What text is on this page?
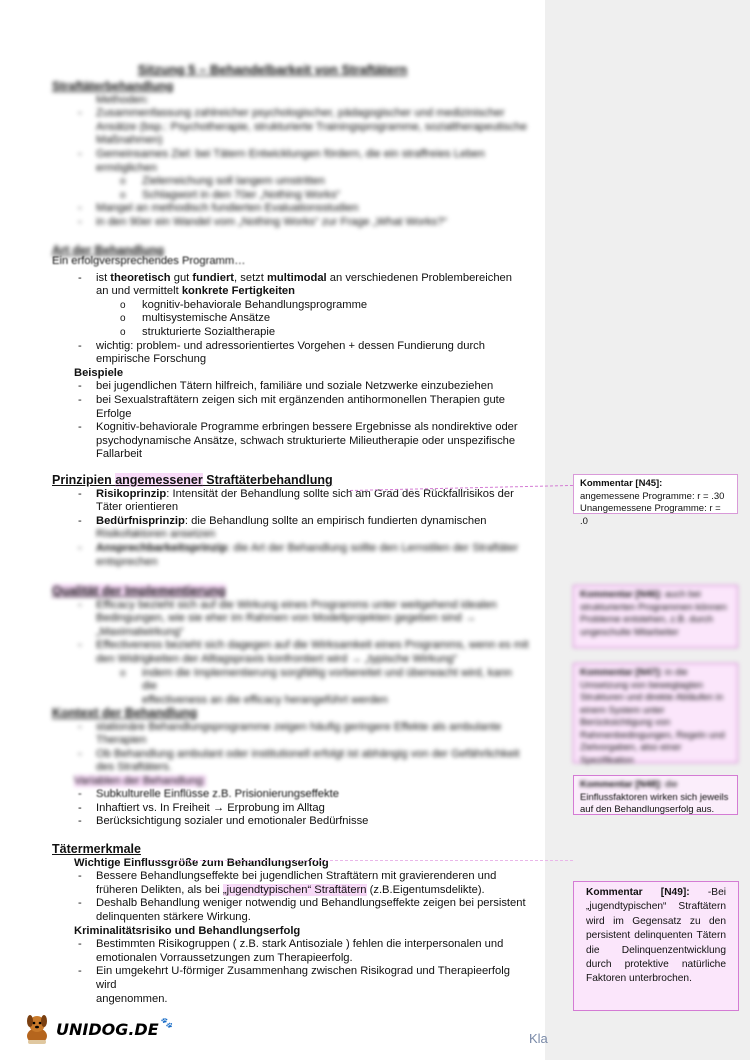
Sitzung 5 – Behandelbarkeit von Straftätern
Straftäterbehandlung
Methoden:
- Zusammenfassung zahlreicher psychologischer, pädagogischer und medizinischer
Ansätze (bsp.: Psychotherapie, strukturierte Trainingsprogramme, sozialtherapeutische
Maßnahmen)
- Gemeinsames Ziel: bei Tätern Entwicklungen fördern, die ein straffreies Leben
ermöglichen
o Zielerreichung soll langem umstritten
o Schlagwort in den 70er „Nothing Works“
- Mangel an methodisch fundierten Evaluationsstudien
- in den 90er ein Wandel vom „Nothing Works“ zur Frage „What Works?“
Art der Behandlung
Ein erfolgversprechendes Programm…
- ist theoretisch gut fundiert, setzt multimodal an verschiedenen Problembereichen
an und vermittelt konkrete Fertigkeiten
o kognitiv-behaviorale Behandlungsprogramme
o multisystemische Ansätze
o strukturierte Sozialtherapie
- wichtig: problem- und adressorientiertes Vorgehen + dessen Fundierung durch
empirische Forschung
Beispiele
- bei jugendlichen Tätern hilfreich, familiäre und soziale Netzwerke einzubeziehen
- bei Sexualstraftätern zeigen sich mit ergänzenden antihormonellen Therapien gute
Erfolge
- Kognitiv-behaviorale Programme erbringen bessere Ergebnisse als nondirektive oder
psychodynamische Ansätze, schwach strukturierte Milieutherapie oder unspezifische
Fallarbeit
Prinzipien angemessener Straftäterbehandlung
- Risikoprinzip: Intensität der Behandlung sollte sich am Grad des Rückfallrisikos der
Täter orientieren
- Bedürfnisprinzip: die Behandlung sollte an empirisch fundierten dynamischen
Risikofaktoren ansetzen
- Ansprechbarkeitsprinzip: die Art der Behandlung sollte den Lernstilen der Straftäter
entsprechen
Qualität der Implementierung
- Efficacy bezieht sich auf die Wirkung eines Programms unter weitgehend idealen
Bedingungen, wie sie eher im Rahmen von Modellprojekten gegeben sind →
„Maximalwirkung“
- Effectiveness bezieht sich dagegen auf die Wirksamkeit eines Programms, wenn es mit
den Widrigkeiten der Alltagspraxis konfrontiert wird → „typische Wirkung“
o indem die Implementierung sorgfältig vorbereitet und überwacht wird, kann die
effectiveness an die efficacy herangeführt werden
Kontext der Behandlung
- stationäre Behandlungsprogramme zeigen häufig geringere Effekte als ambulante
Therapien
- Ob Behandlung ambulant oder institutionell erfolgt ist abhängig von der Gefährlichkeit
des Straftäters.
Variablen der Behandlung:
- Subkulturelle Einflüsse z.B. Prisionierungseffekte
- Inhaftiert vs. In Freiheit → Erprobung im Alltag
- Berücksichtigung sozialer und emotionaler Bedürfnisse
Tätermerkmale
Wichtige Einflussgröße zum Behandlungserfolg
- Bessere Behandlungseffekte bei jugendlichen Straftätern mit gravierenderen und
früheren Delikten, als bei „jugendtypischen“ Straftätern (z.B.Eigentumsdelikte).
- Deshalb Behandlung weniger notwendig und Behandlungseffekte zeigen bei persistent
delinquenten stärkere Wirkung.
Kriminalitätsrisiko und Behandlungserfolg
- Bestimmten Risikogruppen ( z.B. stark Antisoziale ) fehlen die interpersonalen und
emotionalen Vorraussetzungen zum Therapieerfolg.
- Ein umgekehrt U-förmiger Zusammenhang zwischen Risikograd und Therapieerfolg wird
angenommen.
Kommentar [N45]:
angemessene Programme: r = .30
Unangemessene Programme: r = .0
Kommentar [N46]: auch bei strukturierten Programmen können Probleme entstehen, z.B. durch ungeschulte Mitarbeiter
Kommentar [N47]: in die Umsetzung von bewegtagten Strukturen und direkte Abläufen in einem System unter Berücksichtigung von Rahmenbedingungen, Regeln und Zielvorgaben, also einer Spezifikation
Kommentar [N48]: die
Einflussfaktoren wirken sich jeweils
auf den Behandlungserfolg aus.
Kommentar [N49]: -Bei „jugendtypischen“ Straftätern wird im Gegensatz zu den persistent delinquenten Tätern die Delinquenzentwicklung durch protektive natürliche Faktoren unterbrochen.
UNIDOG.DE 🐾
Kla
